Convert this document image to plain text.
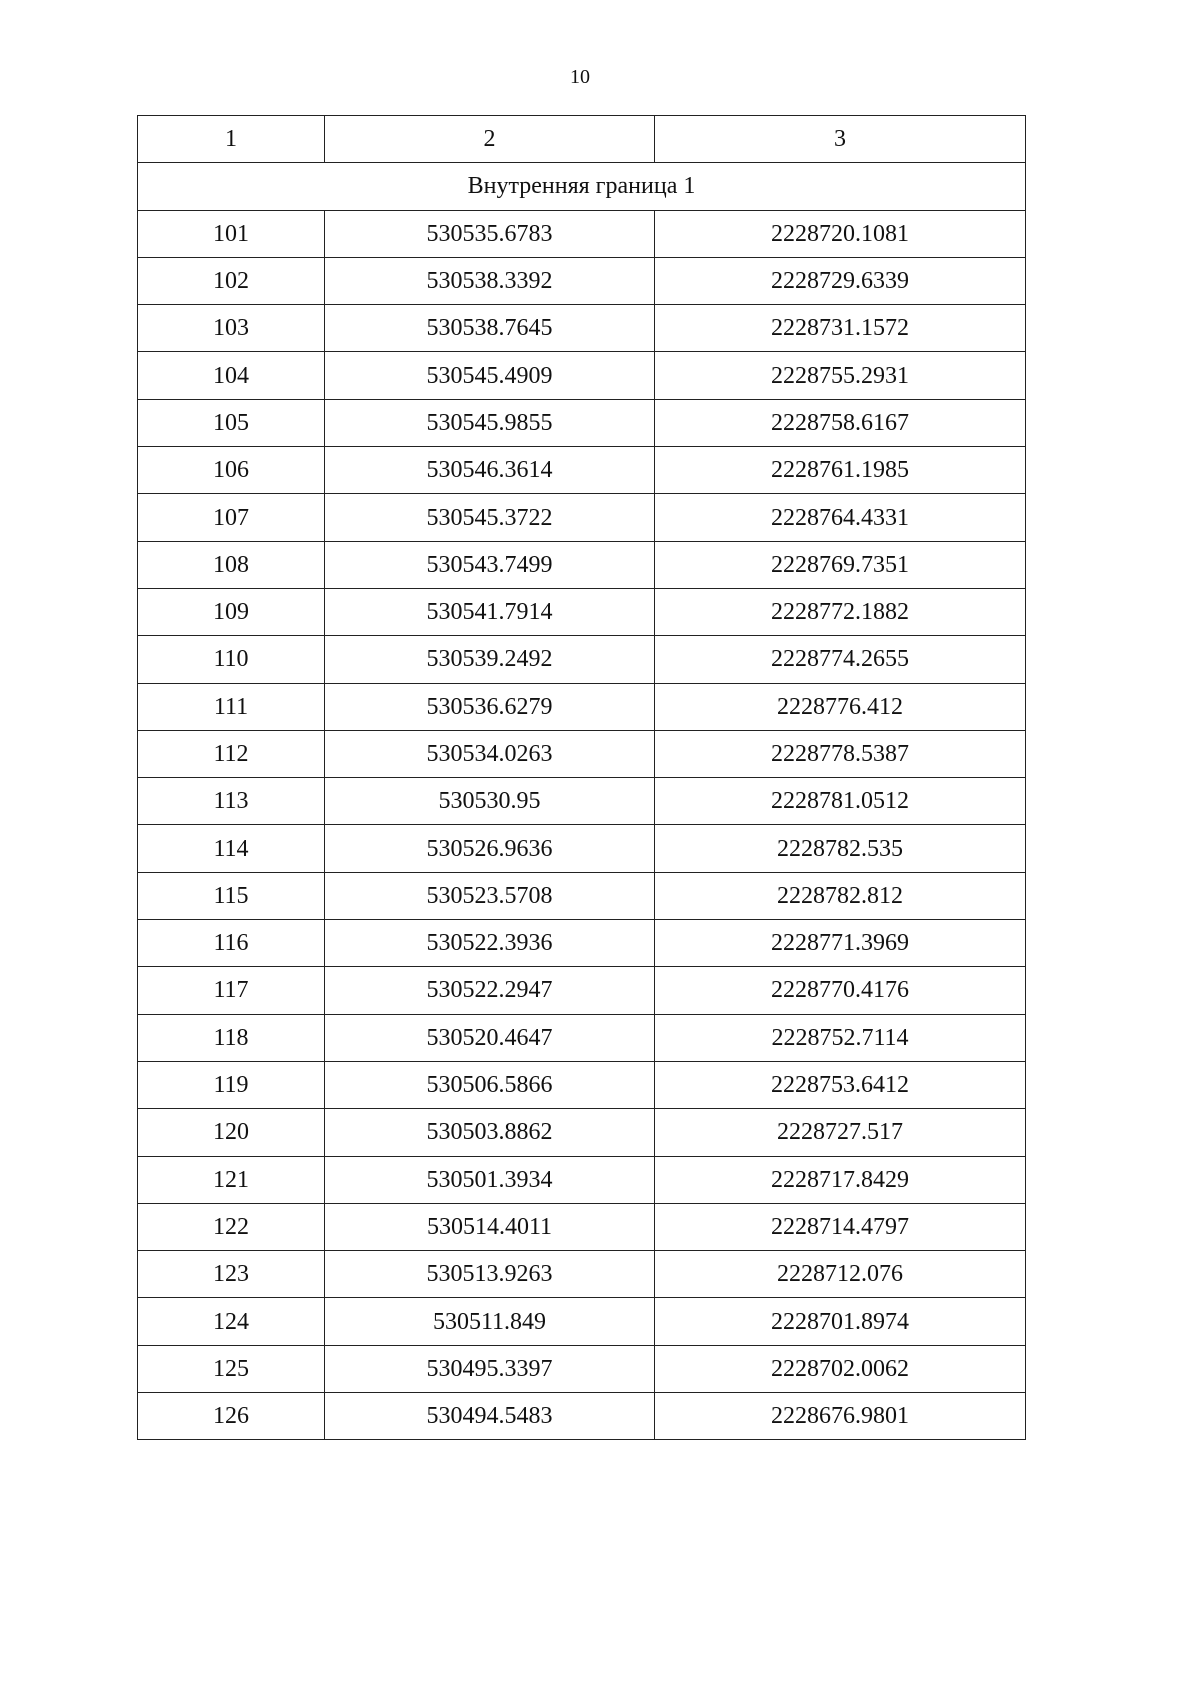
10
1	2	3
Внутренняя граница 1		
101	530535.6783	2228720.1081
102	530538.3392	2228729.6339
103	530538.7645	2228731.1572
104	530545.4909	2228755.2931
105	530545.9855	2228758.6167
106	530546.3614	2228761.1985
107	530545.3722	2228764.4331
108	530543.7499	2228769.7351
109	530541.7914	2228772.1882
110	530539.2492	2228774.2655
111	530536.6279	2228776.412
112	530534.0263	2228778.5387
113	530530.95	2228781.0512
114	530526.9636	2228782.535
115	530523.5708	2228782.812
116	530522.3936	2228771.3969
117	530522.2947	2228770.4176
118	530520.4647	2228752.7114
119	530506.5866	2228753.6412
120	530503.8862	2228727.517
121	530501.3934	2228717.8429
122	530514.4011	2228714.4797
123	530513.9263	2228712.076
124	530511.849	2228701.8974
125	530495.3397	2228702.0062
126	530494.5483	2228676.9801
